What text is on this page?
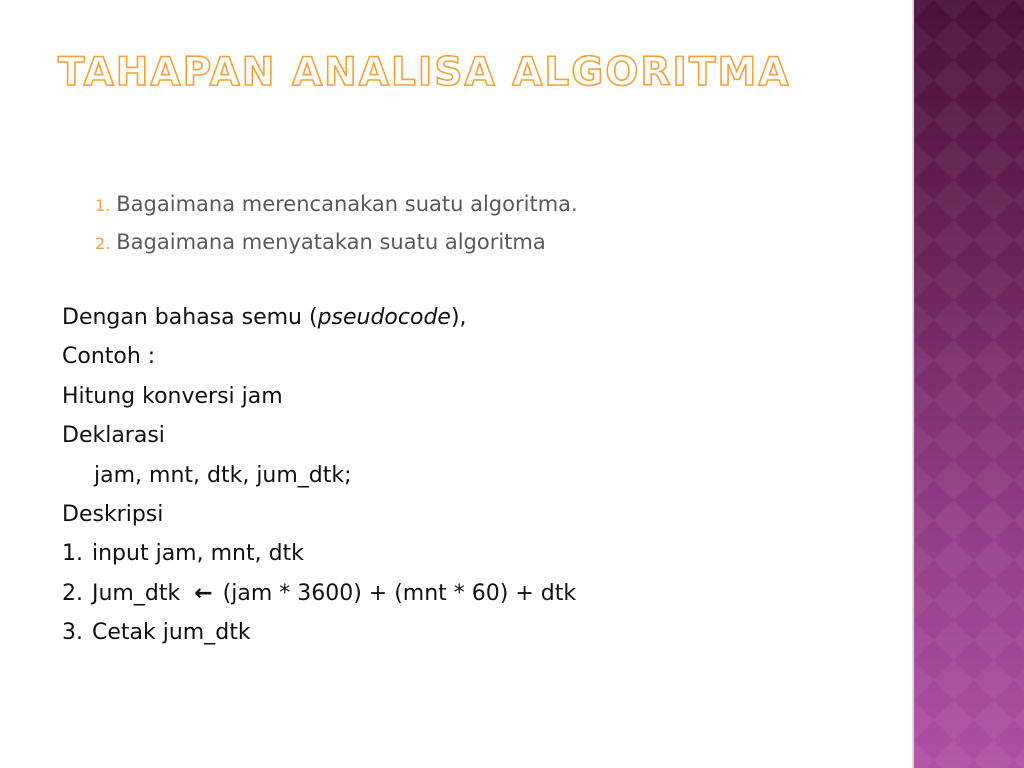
TAHAPAN ANALISA ALGORITMA
1. Bagaimana merencanakan suatu algoritma.
2. Bagaimana menyatakan suatu algoritma
Dengan bahasa semu (pseudocode),
Contoh :
Hitung konversi jam
Deklarasi
jam, mnt, dtk, jum_dtk;
Deskripsi
1. input jam, mnt, dtk
2. Jum_dtk ← (jam * 3600) + (mnt * 60) + dtk
3. Cetak jum_dtk
